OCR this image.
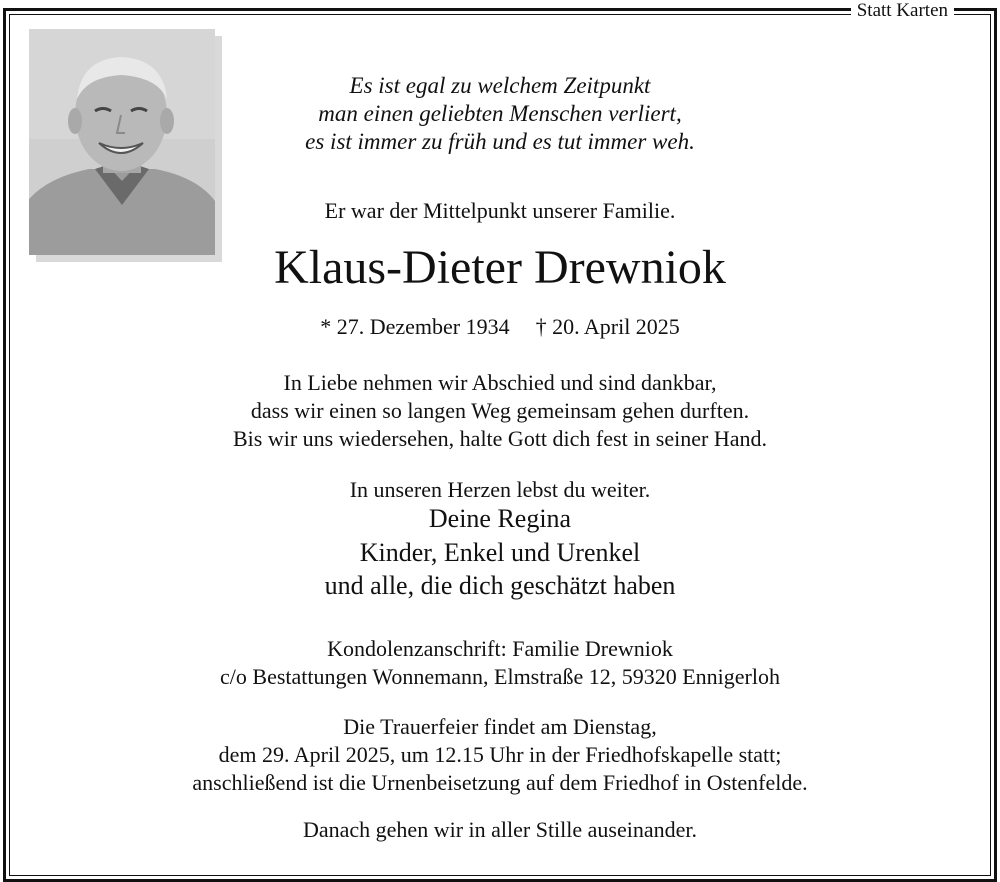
Statt Karten
Es ist egal zu welchem Zeitpunkt
man einen geliebten Menschen verliert,
es ist immer zu früh und es tut immer weh.
Er war der Mittelpunkt unserer Familie.
Klaus-Dieter Drewniok
* 27. Dezember 1934 † 20. April 2025
In Liebe nehmen wir Abschied und sind dankbar,
dass wir einen so langen Weg gemeinsam gehen durften.
Bis wir uns wiedersehen, halte Gott dich fest in seiner Hand.
In unseren Herzen lebst du weiter.
Deine Regina
Kinder, Enkel und Urenkel
und alle, die dich geschätzt haben
Kondolenzanschrift: Familie Drewniok
c/o Bestattungen Wonnemann, Elmstraße 12, 59320 Ennigerloh
Die Trauerfeier findet am Dienstag,
dem 29. April 2025, um 12.15 Uhr in der Friedhofskapelle statt;
anschließend ist die Urnenbeisetzung auf dem Friedhof in Ostenfelde.
Danach gehen wir in aller Stille auseinander.
